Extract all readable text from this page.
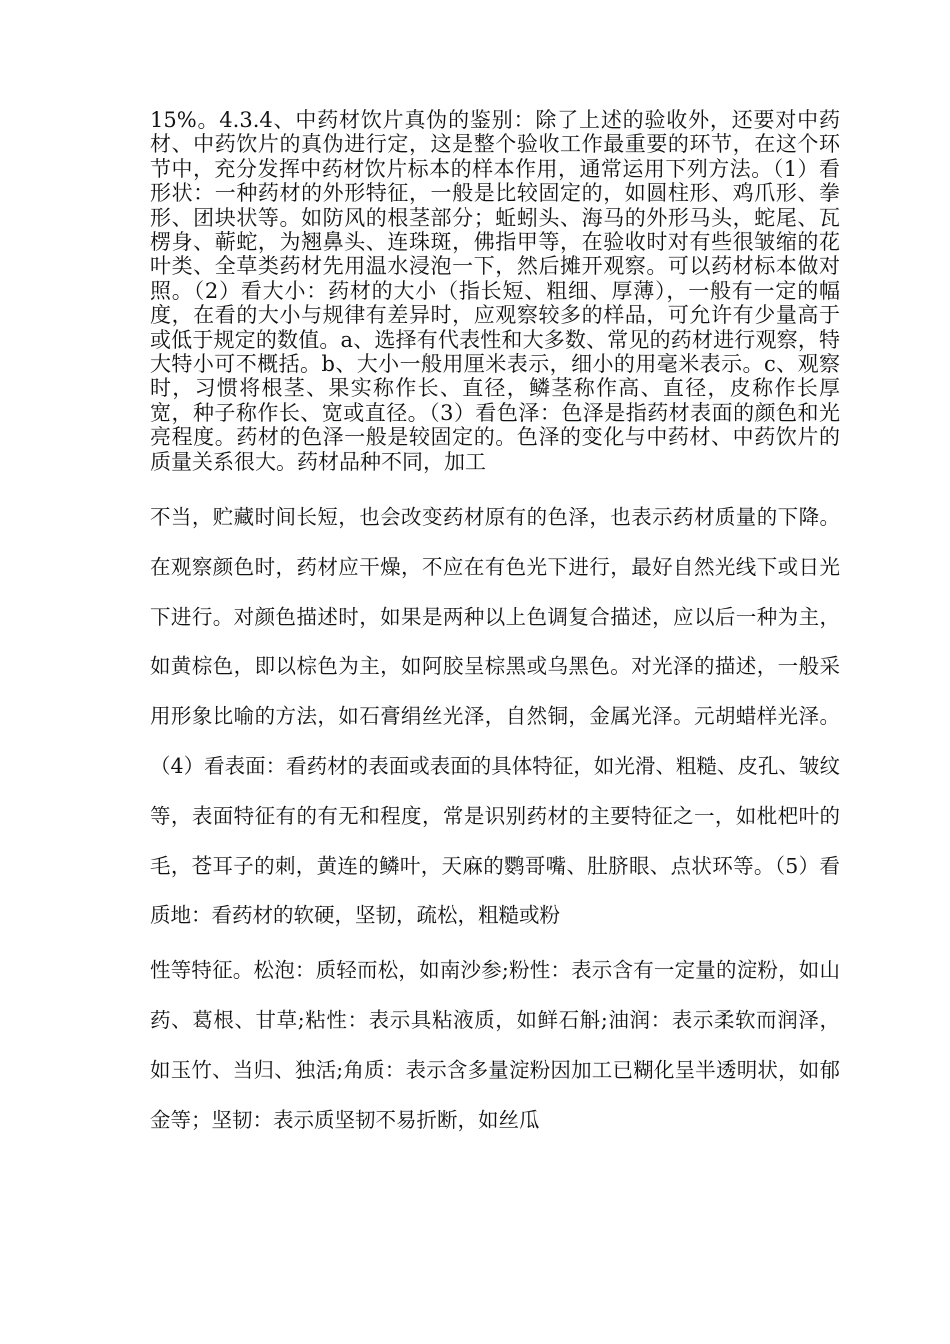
15%。4.3.4、中药材饮片真伪的鉴别：除了上述的验收外，还要对中药材、中药饮片的真伪进行定，这是整个验收工作最重要的环节，在这个环节中，充分发挥中药材饮片标本的样本作用，通常运用下列方法。（1）看形状：一种药材的外形特征，一般是比较固定的，如圆柱形、鸡爪形、拳形、团块状等。如防风的根茎部分；蚯蚓头、海马的外形马头，蛇尾、瓦楞身、蕲蛇，为翘鼻头、连珠斑，佛指甲等，在验收时对有些很皱缩的花叶类、全草类药材先用温水浸泡一下，然后摊开观察。可以药材标本做对照。（2）看大小：药材的大小（指长短、粗细、厚薄），一般有一定的幅度，在看的大小与规律有差异时，应观察较多的样品，可允许有少量高于或低于规定的数值。a、选择有代表性和大多数、常见的药材进行观察，特大特小可不概括。b、大小一般用厘米表示，细小的用毫米表示。c、观察时，习惯将根茎、果实称作长、直径，鳞茎称作高、直径，皮称作长厚宽，种子称作长、宽或直径。（3）看色泽：色泽是指药材表面的颜色和光亮程度。药材的色泽一般是较固定的。色泽的变化与中药材、中药饮片的质量关系很大。药材品种不同，加工

不当，贮藏时间长短，也会改变药材原有的色泽，也表示药材质量的下降。在观察颜色时，药材应干燥，不应在有色光下进行，最好自然光线下或日光下进行。对颜色描述时，如果是两种以上色调复合描述，应以后一种为主，如黄棕色，即以棕色为主，如阿胶呈棕黑或乌黑色。对光泽的描述，一般采用形象比喻的方法，如石膏绢丝光泽，自然铜，金属光泽。元胡蜡样光泽。（4）看表面：看药材的表面或表面的具体特征，如光滑、粗糙、皮孔、皱纹等，表面特征有的有无和程度，常是识别药材的主要特征之一，如枇杷叶的毛，苍耳子的刺，黄连的鳞叶，天麻的鹦哥嘴、肚脐眼、点状环等。（5）看质地：看药材的软硬，坚韧，疏松，粗糙或粉

性等特征。松泡：质轻而松，如南沙参;粉性：表示含有一定量的淀粉，如山药、葛根、甘草;粘性：表示具粘液质，如鲜石斛;油润：表示柔软而润泽，如玉竹、当归、独活;角质：表示含多量淀粉因加工已糊化呈半透明状，如郁金等；坚韧：表示质坚韧不易折断，如丝瓜
